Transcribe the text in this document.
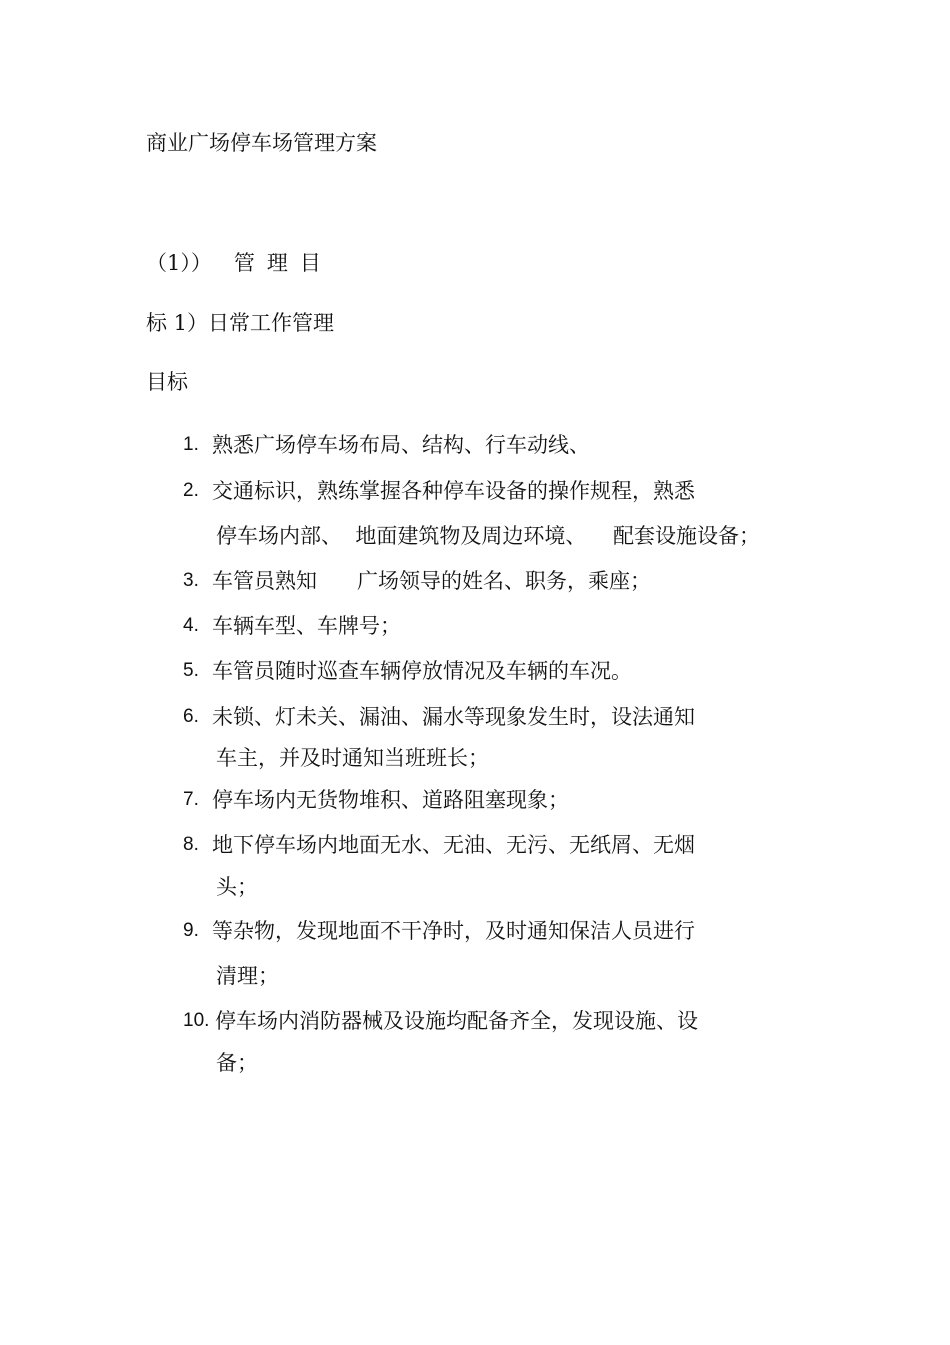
商业广场停车场管理方案
（1）） 管理目
标 1）日常工作管理
目标
1. 熟悉广场停车场布局、结构、行车动线、
2. 交通标识，熟练掌握各种停车设备的操作规程，熟悉
停车场内部、  地面建筑物及周边环境、    配套设施设备；
3. 车管员熟知      广场领导的姓名、职务，乘座；
4. 车辆车型、车牌号；
5. 车管员随时巡查车辆停放情况及车辆的车况。
6. 未锁、灯未关、漏油、漏水等现象发生时，设法通知
车主，并及时通知当班班长；
7. 停车场内无货物堆积、道路阻塞现象；
8. 地下停车场内地面无水、无油、无污、无纸屑、无烟
头；
9. 等杂物，发现地面不干净时，及时通知保洁人员进行
清理；
10. 停车场内消防器械及设施均配备齐全，发现设施、设
备；
